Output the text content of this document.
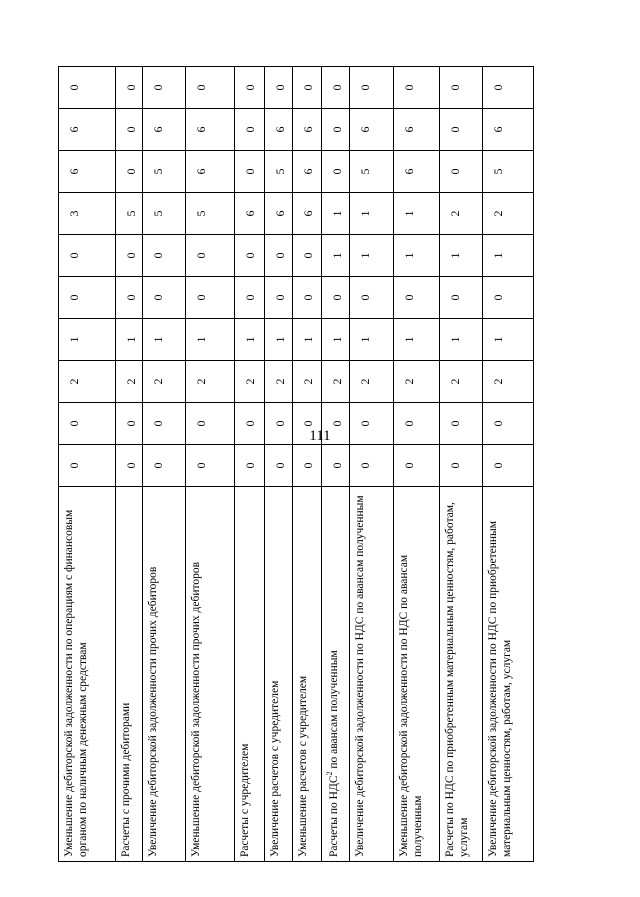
111
Уменьшение дебиторской задолженности по операциям с финансовым органом по наличным денежным средствам	0	0	2	1	0	0	3	6	6	0
Расчеты с прочими дебиторами	0	0	2	1	0	0	5	0	0	0
Увеличение дебиторской задолженности прочих дебиторов	0	0	2	1	0	0	5	5	6	0
Уменьшение дебиторской задолженности прочих дебиторов	0	0	2	1	0	0	5	6	6	0
Расчеты с учредителем	0	0	2	1	0	0	6	0	0	0
Увеличение расчетов с учредителем	0	0	2	1	0	0	6	5	6	0
Уменьшение расчетов с учредителем	0	0	2	1	0	0	6	6	6	0
Расчеты по НДС$^2$ по авансам полученным	0	0	2	1	0	1	1	0	0	0
Увеличение дебиторской задолженности по НДС по авансам полученным	0	0	2	1	0	1	1	5	6	0
Уменьшение дебиторской задолженности по НДС по авансам полученным	0	0	2	1	0	1	1	6	6	0
Расчеты по НДС по приобретенным материальным ценностям, работам, услугам	0	0	2	1	0	1	2	0	0	0
Увеличение дебиторской задолженности по НДС по приобретенным материальным ценностям, работам, услугам	0	0	2	1	0	1	2	5	6	0
